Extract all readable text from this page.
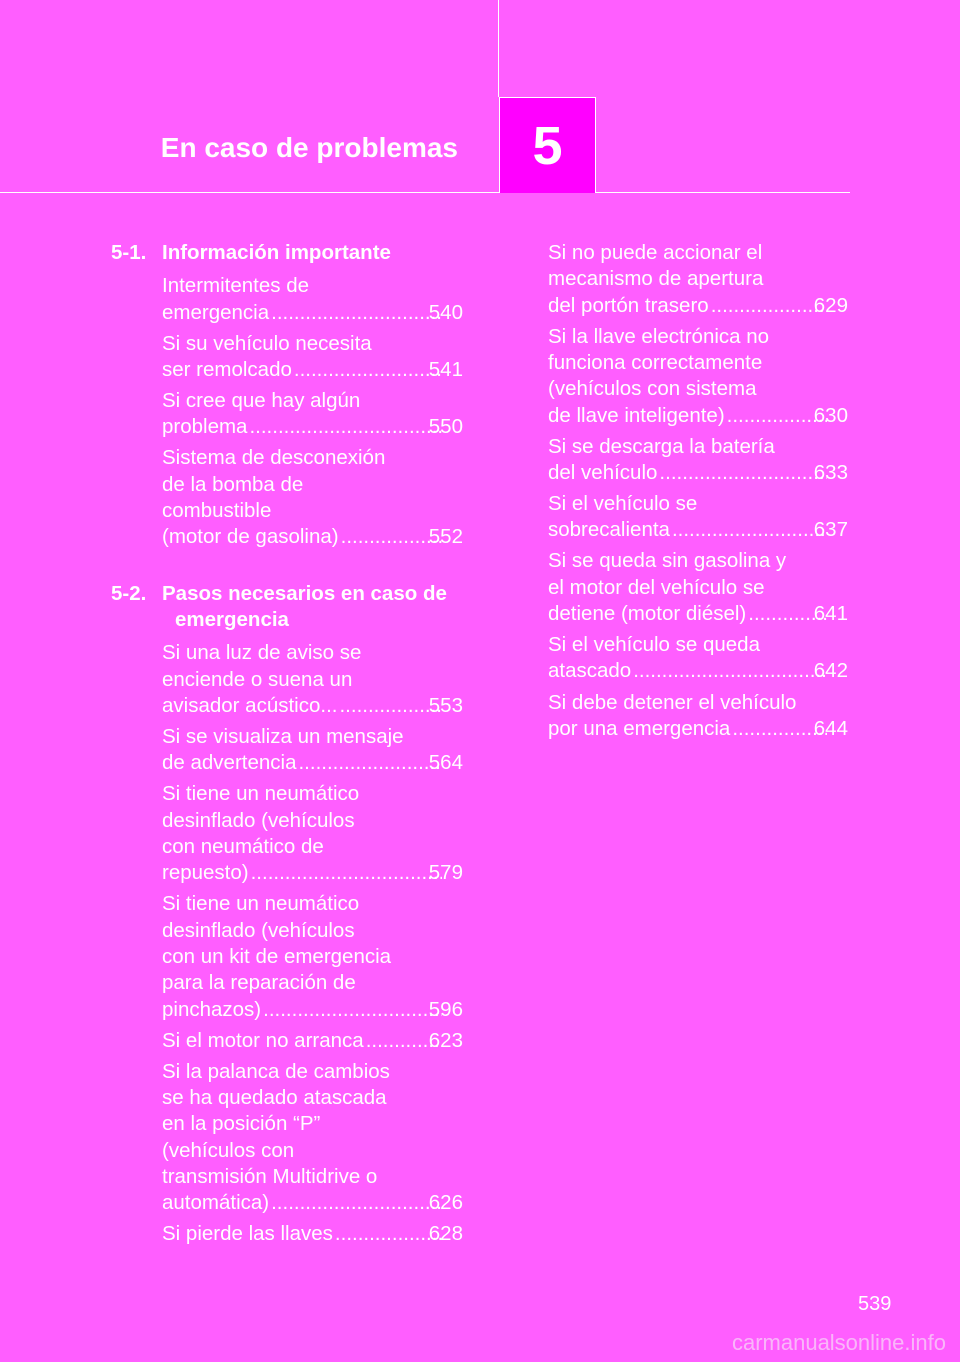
En caso de problemas 5
5-1. Información importante
Intermitentes de
emergencia .....	540
Si su vehículo necesita
ser remolcado .....	541
Si cree que hay algún
problema .....	550
Sistema de desconexión
de la bomba de
combustible
(motor de gasolina) .....	552
5-2. Pasos necesarios en caso de emergencia
Si una luz de aviso se
enciende o suena un
avisador acústico... .....	553
Si se visualiza un mensaje
de advertencia .....	564
Si tiene un neumático
desinflado (vehículos
con neumático de
repuesto) .....	579
Si tiene un neumático
desinflado (vehículos
con un kit de emergencia
para la reparación de
pinchazos) .....	596
Si el motor no arranca .....	623
Si la palanca de cambios
se ha quedado atascada
en la posición “P”
(vehículos con
transmisión Multidrive o
automática) .....	626
Si pierde las llaves .....	628
Si no puede accionar el
mecanismo de apertura
del portón trasero .....	629
Si la llave electrónica no
funciona correctamente
(vehículos con sistema
de llave inteligente) .....	630
Si se descarga la batería
del vehículo .....	633
Si el vehículo se
sobrecalienta .....	637
Si se queda sin gasolina y
el motor del vehículo se
detiene (motor diésel) .....	641
Si el vehículo se queda
atascado .....	642
Si debe detener el vehículo
por una emergencia .....	644
539
carmanualsonline.info
